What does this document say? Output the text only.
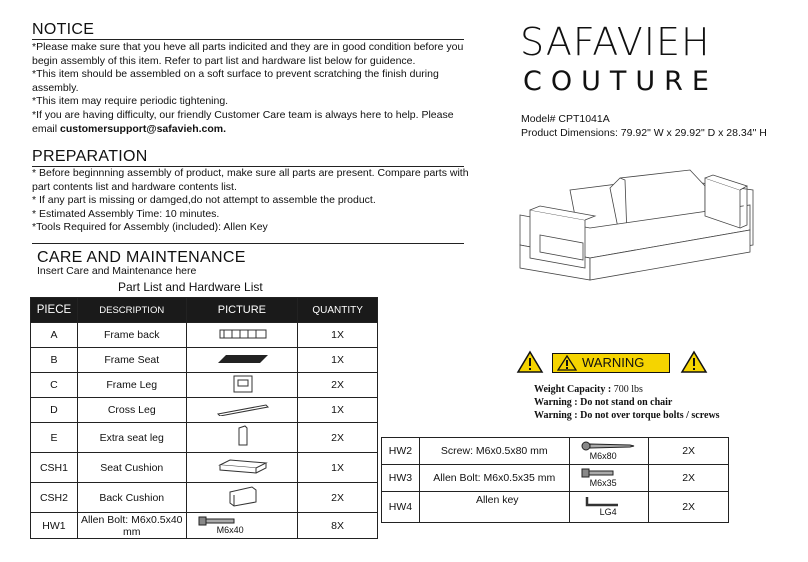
NOTICE
*Please make sure that you heve all parts indicited and they are in good condition before you
begin assembly of this item. Refer to part list and hardware list below for guidence.
*This item should be assembled on a soft surface to prevent scratching the finish during
assembly.
*This item may require periodic tightening.
*If you are having difficulty, our friendly Customer Care team is always here to help. Please
email customersupport@safavieh.com.
SAFAVIEH
COUTURE
Model# CPT1041A
Product Dimensions: 79.92" W x 29.92" D x 28.34" H
PREPARATION
* Before beginnning assembly of product, make sure all parts are present. Compare parts with
part contents list and hardware contents list.
* If any part is missing or damged,do not attempt to assemble the product.
* Estimated Assembly Time: 10 minutes.
*Tools Required for Assembly (included): Allen Key
CARE AND MAINTENANCE
Insert Care and Maintenance here
Part List and Hardware List
PIECE	DESCRIPTION	PICTURE	QUANTITY
A	Frame back		1X
B	Frame Seat		1X
C	Frame Leg		2X
D	Cross Leg		1X
E	Extra seat leg		2X
CSH1	Seat Cushion		1X
CSH2	Back Cushion		2X
HW1	Allen Bolt: M6x0.5x40 mm	M6x40	8X
WARNING
Weight Capacity : 700 lbs
Warning : Do not stand on chair
Warning : Do not over torque bolts / screws
HW2	Screw: M6x0.5x80 mm	M6x80	2X
HW3	Allen Bolt: M6x0.5x35 mm	M6x35	2X
HW4	Allen key	LG4	2X
